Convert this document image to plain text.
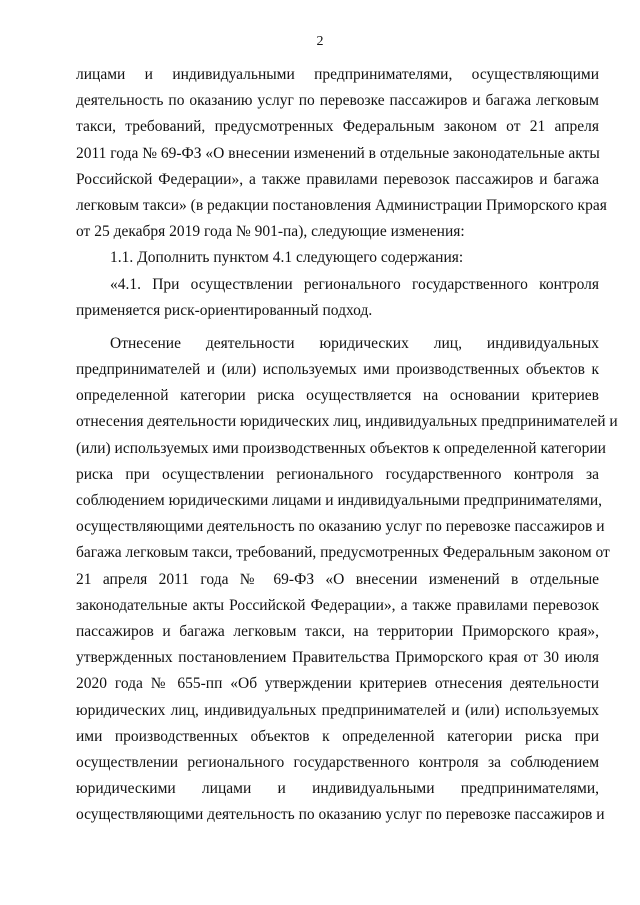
2
лицами и индивидуальными предпринимателями, осуществляющими
деятельность по оказанию услуг по перевозке пассажиров и багажа легковым
такси, требований, предусмотренных Федеральным законом от 21 апреля
2011 года № 69-ФЗ «О внесении изменений в отдельные законодательные акты
Российской Федерации», а также правилами перевозок пассажиров и багажа
легковым такси» (в редакции постановления Администрации Приморского края
от 25 декабря 2019 года № 901-па), следующие изменения:
1.1. Дополнить пунктом 4.1 следующего содержания:
«4.1. При осуществлении регионального государственного контроля
применяется риск-ориентированный подход.
Отнесение деятельности юридических лиц, индивидуальных
предпринимателей и (или) используемых ими производственных объектов к
определенной категории риска осуществляется на основании критериев
отнесения деятельности юридических лиц, индивидуальных предпринимателей и
(или) используемых ими производственных объектов к определенной категории
риска при осуществлении регионального государственного контроля за
соблюдением юридическими лицами и индивидуальными предпринимателями,
осуществляющими деятельность по оказанию услуг по перевозке пассажиров и
багажа легковым такси, требований, предусмотренных Федеральным законом от
21 апреля 2011 года № 69-ФЗ «О внесении изменений в отдельные
законодательные акты Российской Федерации», а также правилами перевозок
пассажиров и багажа легковым такси, на территории Приморского края»,
утвержденных постановлением Правительства Приморского края от 30 июля
2020 года № 655-пп «Об утверждении критериев отнесения деятельности
юридических лиц, индивидуальных предпринимателей и (или) используемых
ими производственных объектов к определенной категории риска при
осуществлении регионального государственного контроля за соблюдением
юридическими лицами и индивидуальными предпринимателями,
осуществляющими деятельность по оказанию услуг по перевозке пассажиров и
